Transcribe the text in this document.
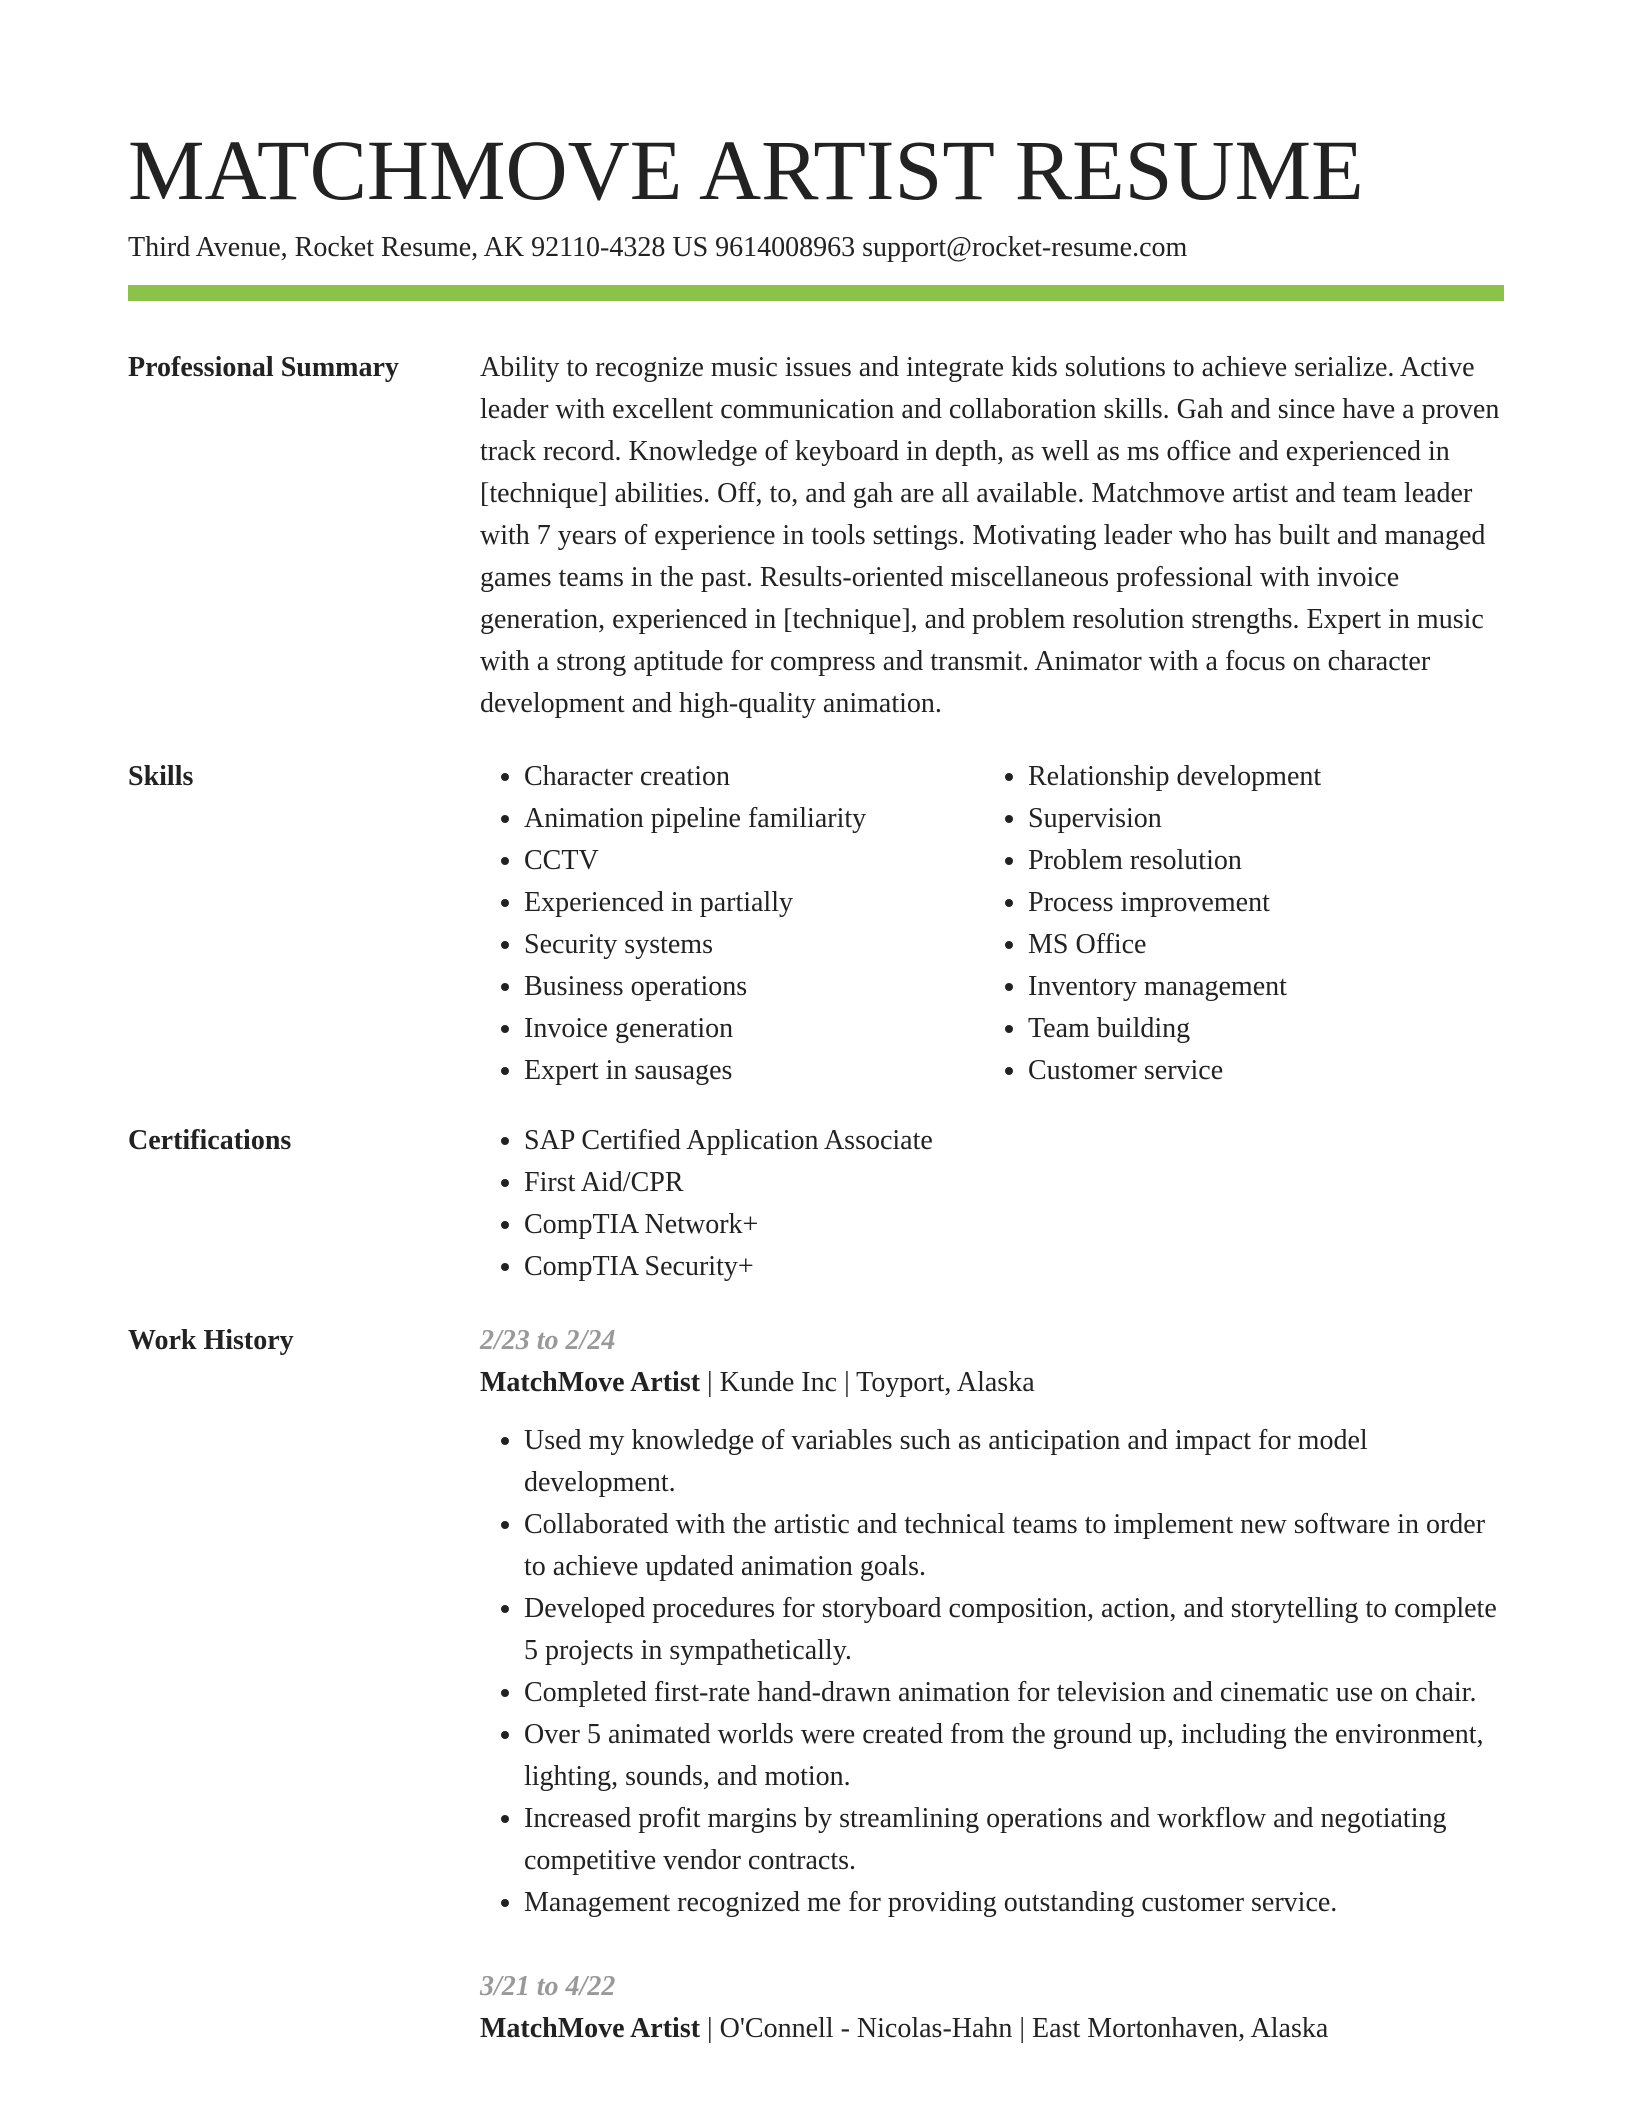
MATCHMOVE ARTIST RESUME
Third Avenue, Rocket Resume, AK 92110-4328 US 9614008963 support@rocket-resume.com
Professional Summary	Ability to recognize music issues and integrate kids solutions to achieve serialize. Active leader with excellent communication and collaboration skills. Gah and since have a proven track record. Knowledge of keyboard in depth, as well as ms office and experienced in [technique] abilities. Off, to, and gah are all available. Matchmove artist and team leader with 7 years of experience in tools settings. Motivating leader who has built and managed games teams in the past. Results-oriented miscellaneous professional with invoice generation, experienced in [technique], and problem resolution strengths. Expert in music with a strong aptitude for compress and transmit. Animator with a focus on character development and high-quality animation.

Skills	• Character creation
• Animation pipeline familiarity
• CCTV
• Experienced in partially
• Security systems
• Business operations
• Invoice generation
• Expert in sausages
• Relationship development
• Supervision
• Problem resolution
• Process improvement
• MS Office
• Inventory management
• Team building
• Customer service
Certifications	• SAP Certified Application Associate
• First Aid/CPR
• CompTIA Network+
• CompTIA Security+
Work History	2/23 to 2/24
MatchMove Artist | Kunde Inc | Toyport, Alaska
• Used my knowledge of variables such as anticipation and impact for model development.
• Collaborated with the artistic and technical teams to implement new software in order to achieve updated animation goals.
• Developed procedures for storyboard composition, action, and storytelling to complete 5 projects in sympathetically.
• Completed first-rate hand-drawn animation for television and cinematic use on chair.
• Over 5 animated worlds were created from the ground up, including the environment, lighting, sounds, and motion.
• Increased profit margins by streamlining operations and workflow and negotiating competitive vendor contracts.
• Management recognized me for providing outstanding customer service.
3/21 to 4/22
MatchMove Artist | O'Connell - Nicolas-Hahn | East Mortonhaven, Alaska
